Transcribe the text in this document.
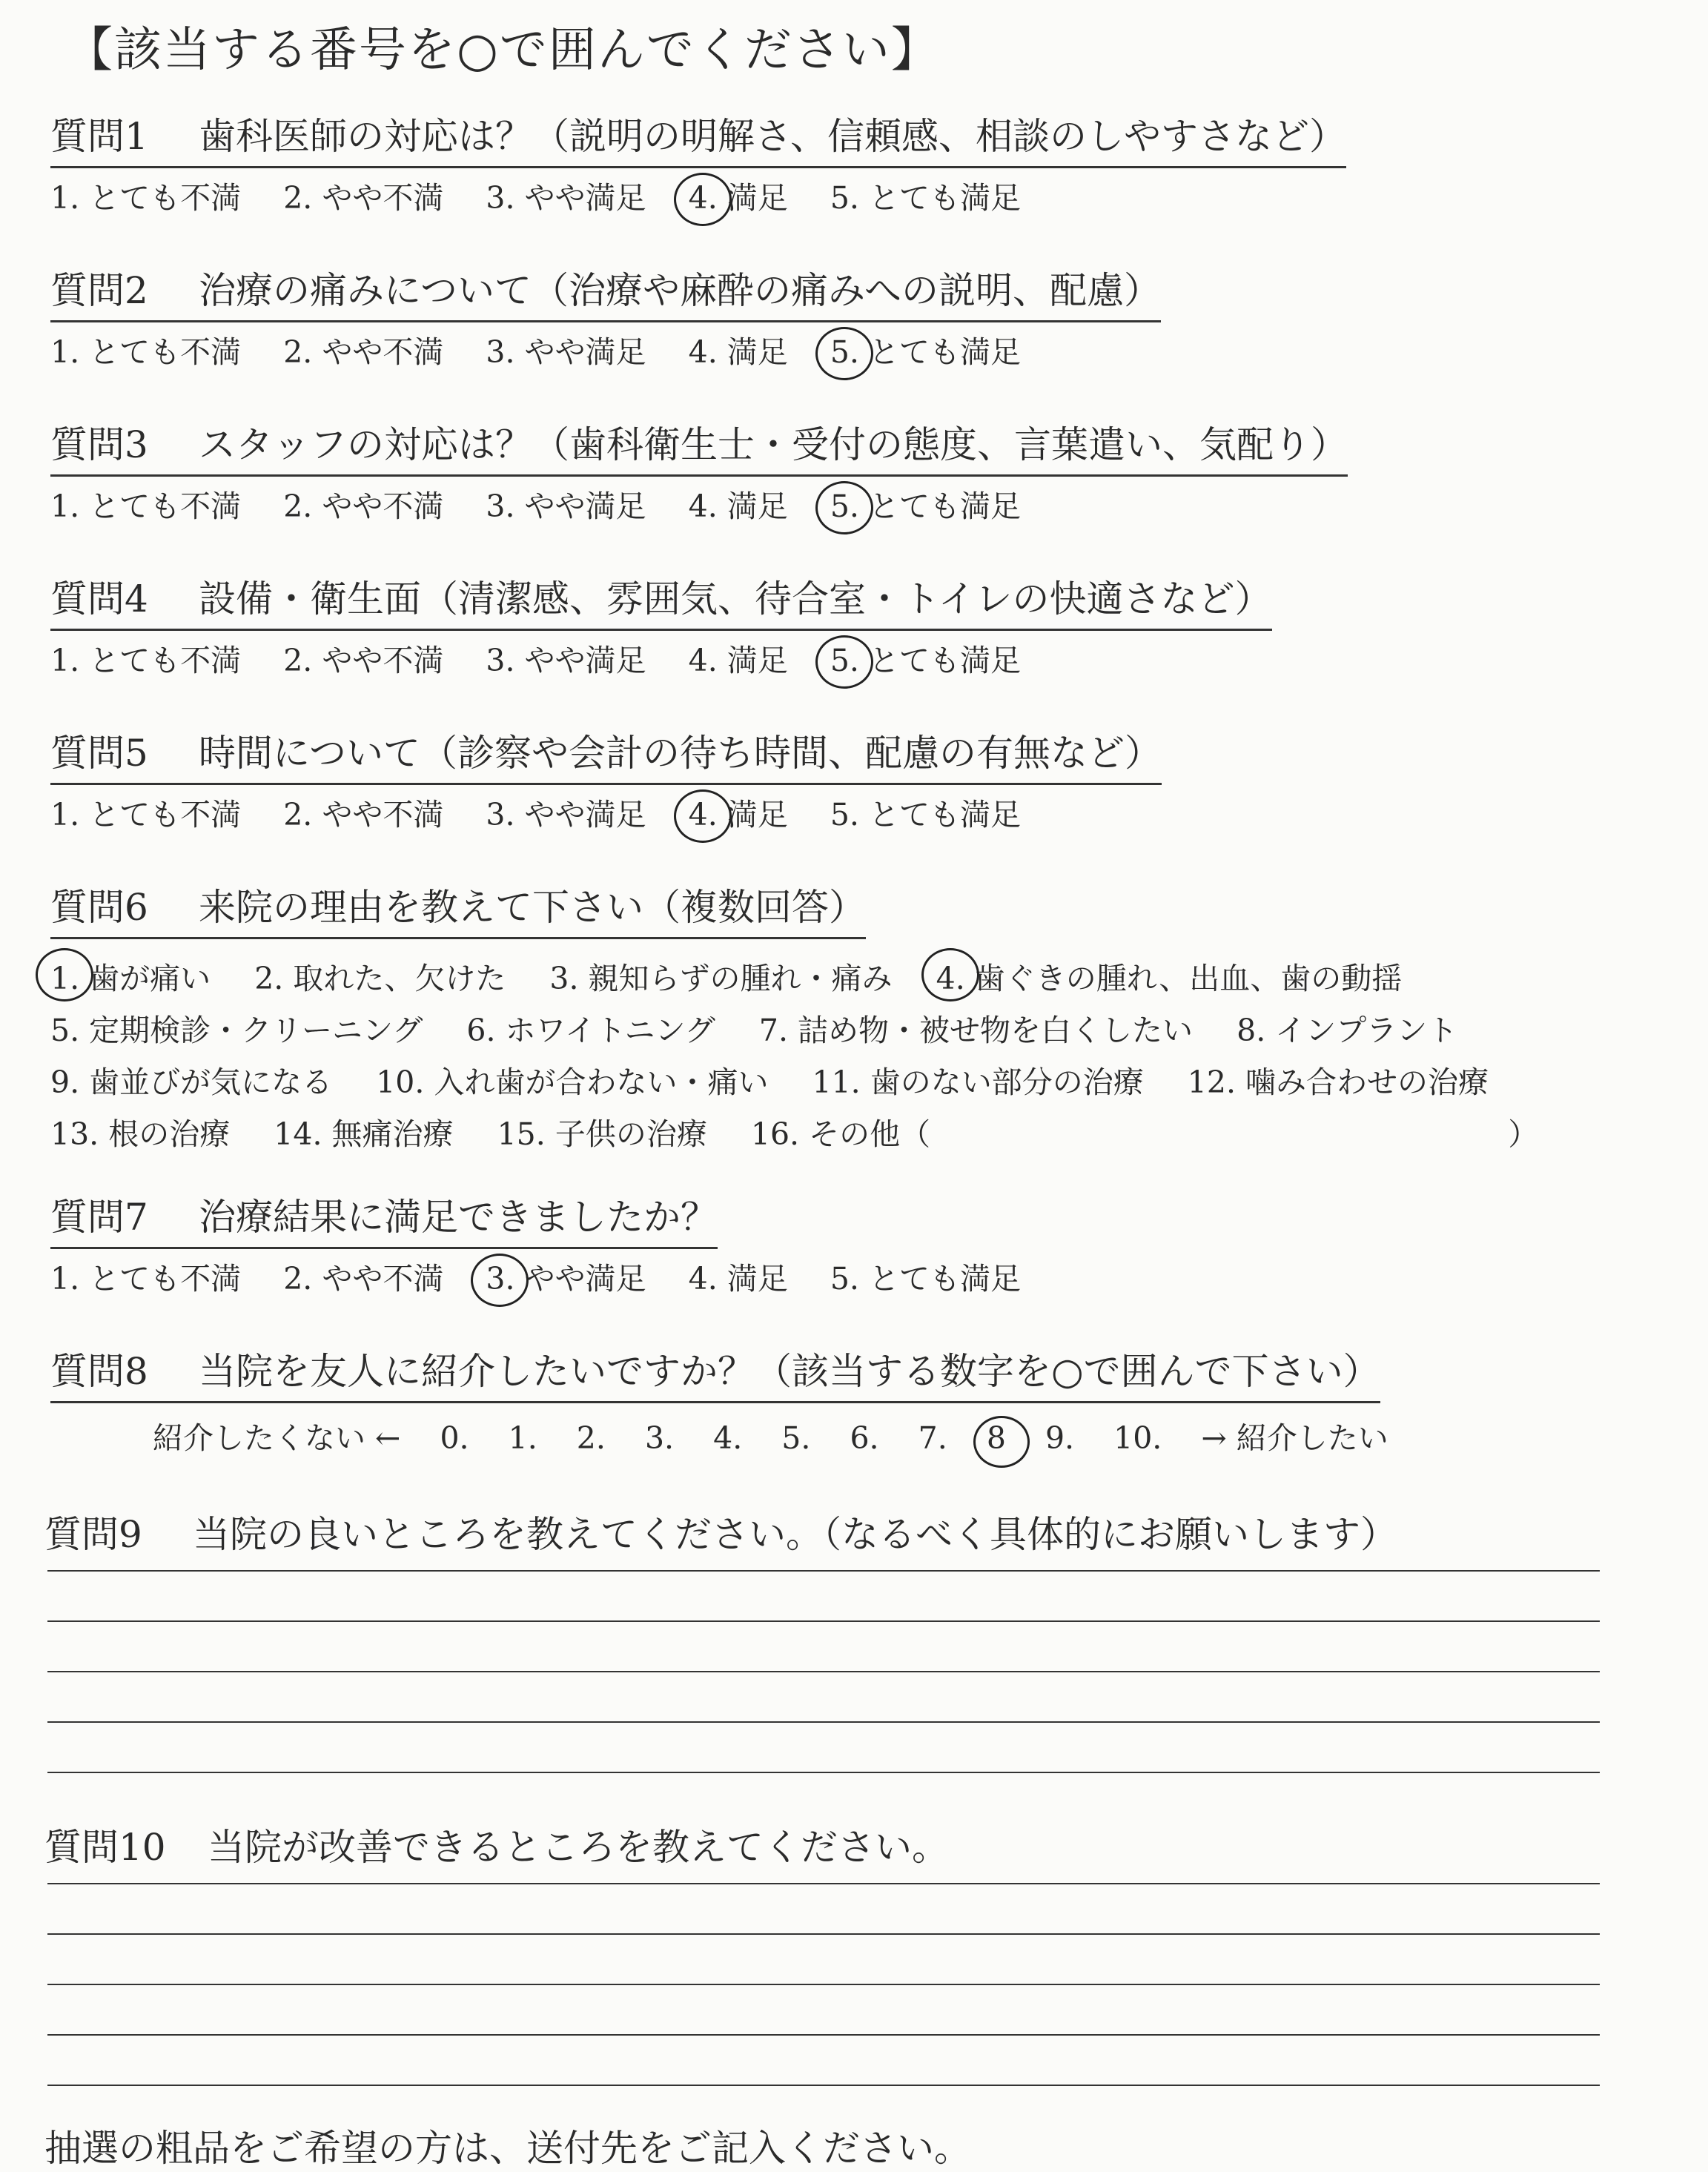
【該当する番号を○で囲んでください】
質問1 歯科医師の対応は？（説明の明解さ、信頼感、相談のしやすさなど）
1. とても不満 2. やや不満 3. やや満足 4. 満足 5. とても満足
質問2 治療の痛みについて（治療や麻酔の痛みへの説明、配慮）
1. とても不満 2. やや不満 3. やや満足 4. 満足 5. とても満足
質問3 スタッフの対応は？（歯科衛生士・受付の態度、言葉遣い、気配り）
1. とても不満 2. やや不満 3. やや満足 4. 満足 5. とても満足
質問4 設備・衛生面（清潔感、雰囲気、待合室・トイレの快適さなど）
1. とても不満 2. やや不満 3. やや満足 4. 満足 5. とても満足
質問5 時間について（診察や会計の待ち時間、配慮の有無など）
1. とても不満 2. やや不満 3. やや満足 4. 満足 5. とても満足
質問6 来院の理由を教えて下さい（複数回答）
1. 歯が痛い 2. 取れた、欠けた 3. 親知らずの腫れ・痛み 4. 歯ぐきの腫れ、出血、歯の動揺
5. 定期検診・クリーニング 6. ホワイトニング 7. 詰め物・被せ物を白くしたい 8. インプラント
9. 歯並びが気になる 10. 入れ歯が合わない・痛い 11. 歯のない部分の治療 12. 噛み合わせの治療
13. 根の治療 14. 無痛治療 15. 子供の治療 16. その他（	）
質問7 治療結果に満足できましたか？
1. とても不満 2. やや不満 3. やや満足 4. 満足 5. とても満足
質問8 当院を友人に紹介したいですか？（該当する数字を○で囲んで下さい）
紹介したくない ← 0. 1. 2. 3. 4. 5. 6. 7. 8 9. 10. → 紹介したい
質問9 当院の良いところを教えてください。（なるべく具体的にお願いします）
質問10 当院が改善できるところを教えてください。
抽選の粗品をご希望の方は、送付先をご記入ください。
